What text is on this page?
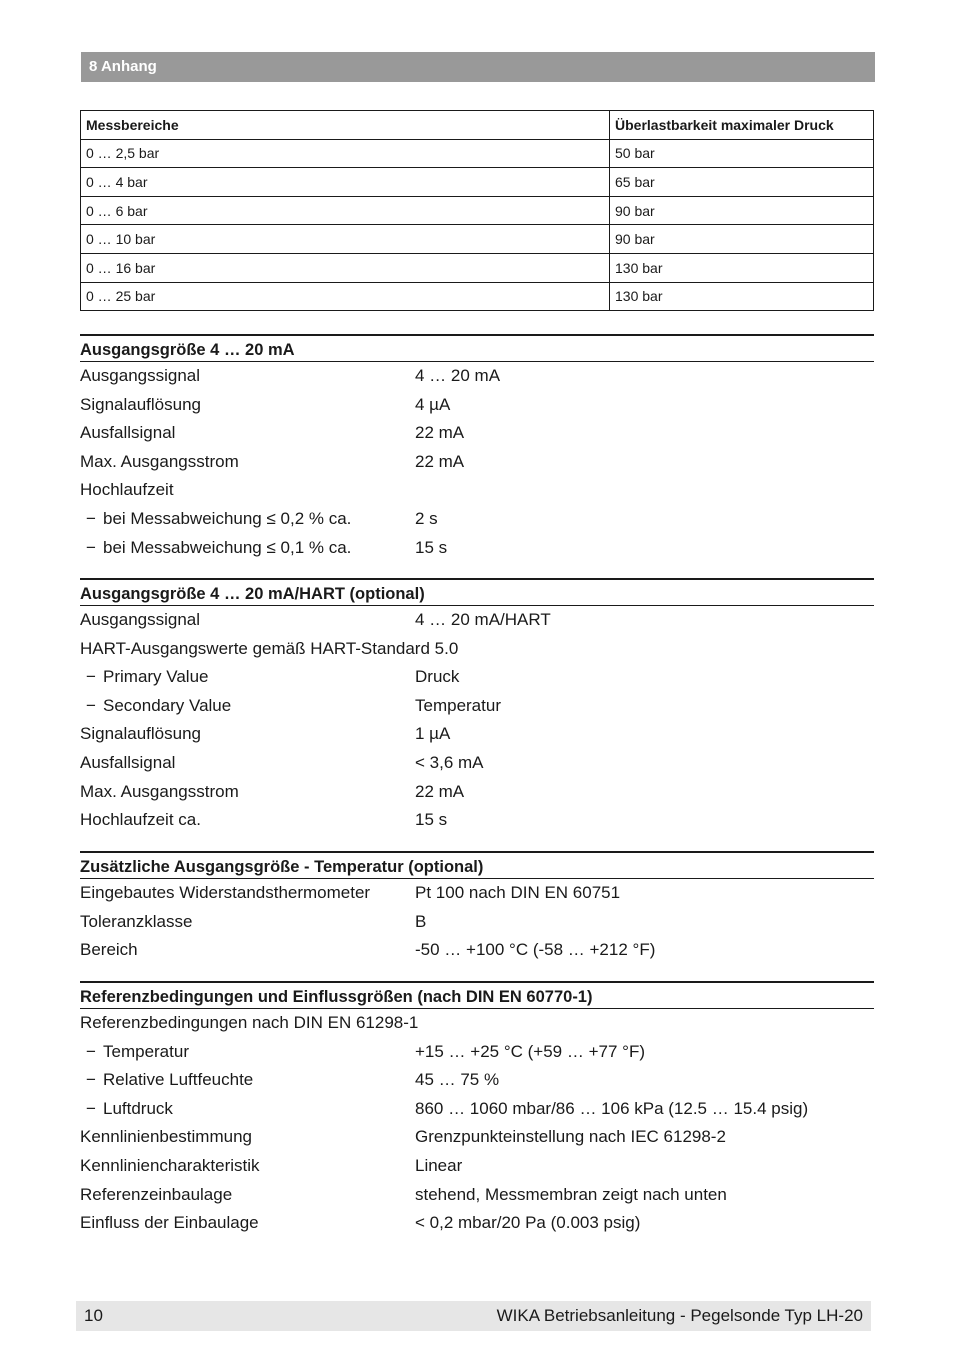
8 Anhang
Messbereiche	Überlastbarkeit maximaler Druck
0 … 2,5 bar	50 bar
0 … 4 bar	65 bar
0 … 6 bar	90 bar
0 … 10 bar	90 bar
0 … 16 bar	130 bar
0 … 25 bar	130 bar
Ausgangsgröße 4 … 20 mA
Ausgangssignal	4 … 20 mA
Signalauflösung	4 µA
Ausfallsignal	22 mA
Max. Ausgangsstrom	22 mA
Hochlaufzeit
− bei Messabweichung ≤ 0,2 % ca.	2 s
− bei Messabweichung ≤ 0,1 % ca.	15 s
Ausgangsgröße 4 … 20 mA/HART (optional)
Ausgangssignal	4 … 20 mA/HART
HART-Ausgangswerte gemäß HART-Standard 5.0
− Primary Value	Druck
− Secondary Value	Temperatur
Signalauflösung	1 µA
Ausfallsignal	< 3,6 mA
Max. Ausgangsstrom	22 mA
Hochlaufzeit ca.	15 s
Zusätzliche Ausgangsgröße - Temperatur (optional)
Eingebautes Widerstandsthermometer	Pt 100 nach DIN EN 60751
Toleranzklasse	B
Bereich	-50 … +100 °C (-58 … +212 °F)
Referenzbedingungen und Einflussgrößen (nach DIN EN 60770-1)
Referenzbedingungen nach DIN EN 61298-1
− Temperatur	+15 … +25 °C (+59 … +77 °F)
− Relative Luftfeuchte	45 … 75 %
− Luftdruck	860 … 1060 mbar/86 … 106 kPa (12.5 … 15.4 psig)
Kennlinienbestimmung	Grenzpunkteinstellung nach IEC 61298-2
Kennliniencharakteristik	Linear
Referenzeinbaulage	stehend, Messmembran zeigt nach unten
Einfluss der Einbaulage	< 0,2 mbar/20 Pa (0.003 psig)
10	WIKA Betriebsanleitung - Pegelsonde Typ LH-20
